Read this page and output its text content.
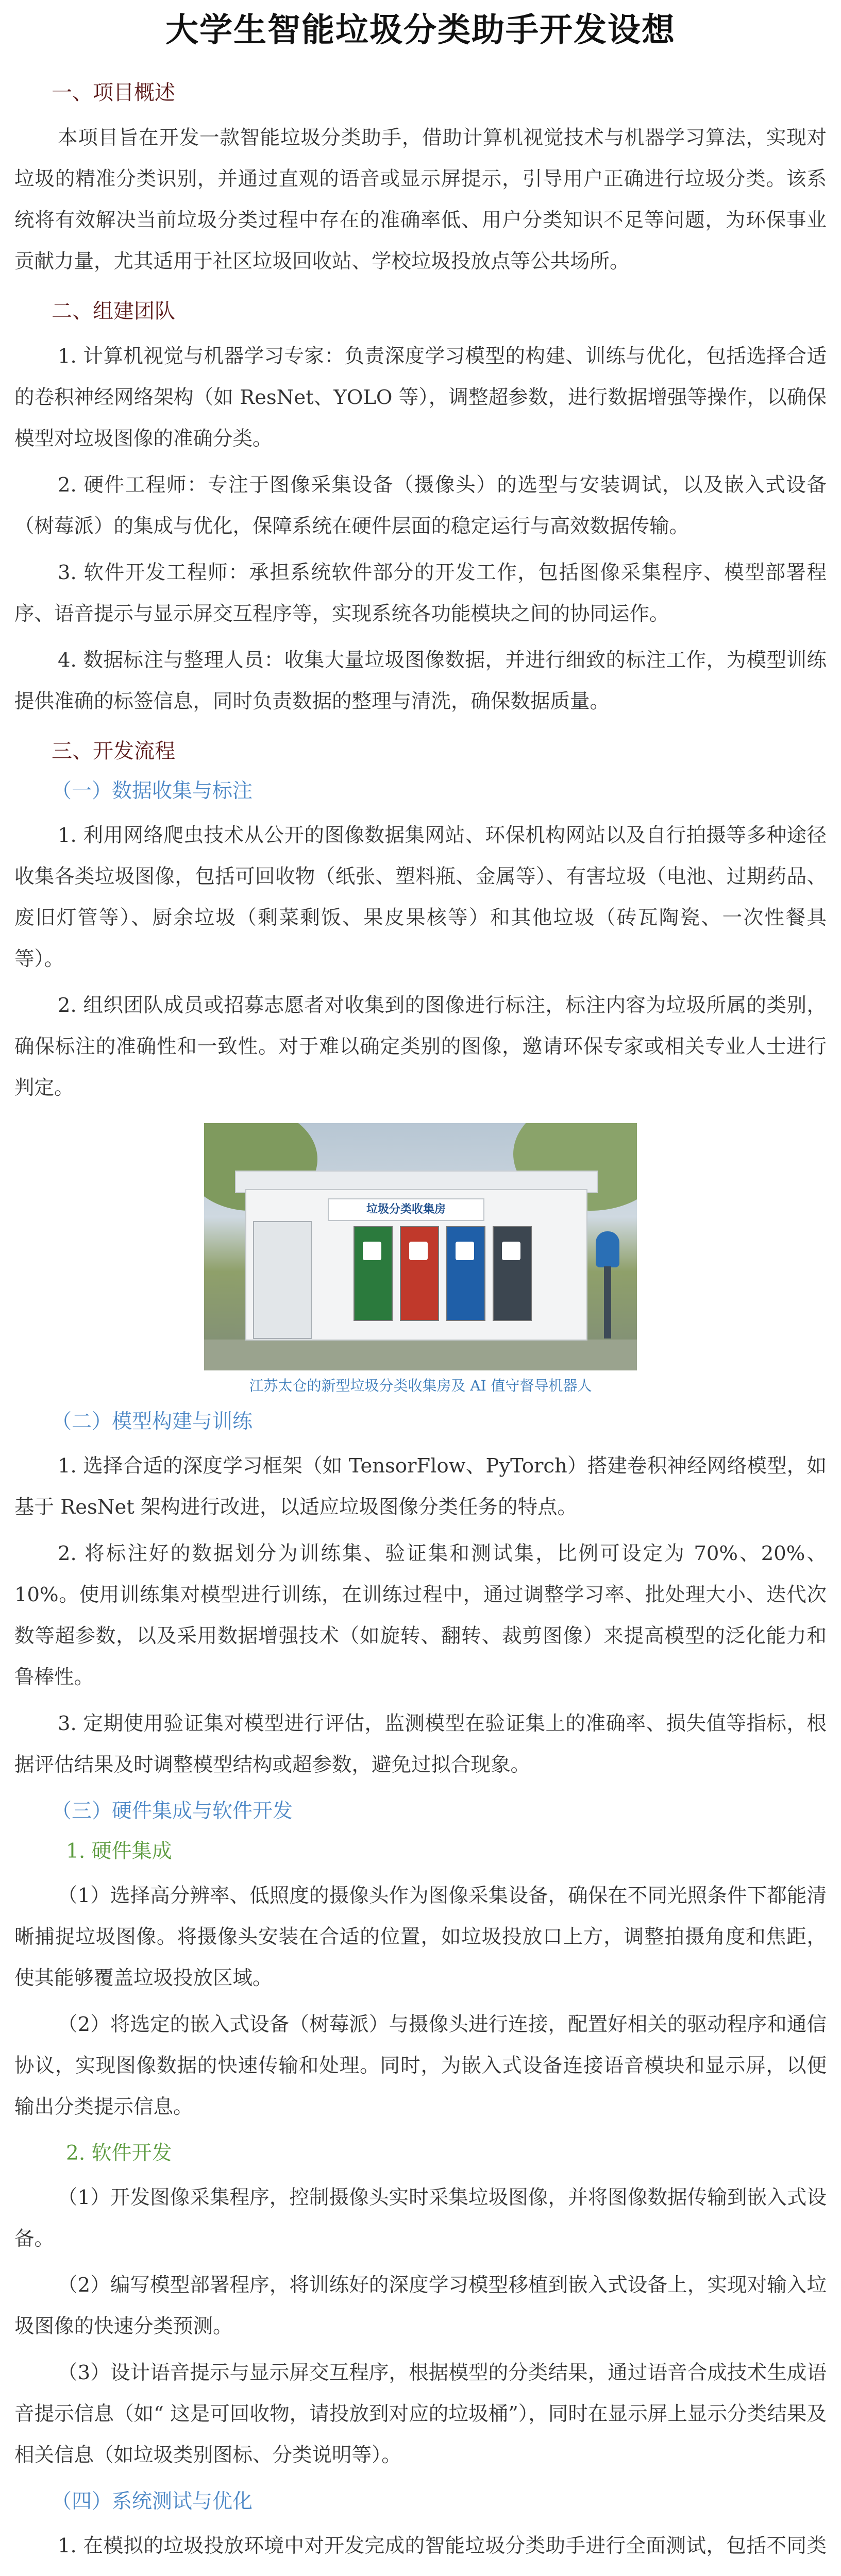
大学生智能垃圾分类助手开发设想
一、项目概述

本项目旨在开发一款智能垃圾分类助手，借助计算机视觉技术与机器学习算法，实现对垃圾的精准分类识别，并通过直观的语音或显示屏提示，引导用户正确进行垃圾分类。该系统将有效解决当前垃圾分类过程中存在的准确率低、用户分类知识不足等问题，为环保事业贡献力量，尤其适用于社区垃圾回收站、学校垃圾投放点等公共场所。

二、组建团队

1. 计算机视觉与机器学习专家：负责深度学习模型的构建、训练与优化，包括选择合适的卷积神经网络架构（如 ResNet、YOLO 等），调整超参数，进行数据增强等操作，以确保模型对垃圾图像的准确分类。

2. 硬件工程师：专注于图像采集设备（摄像头）的选型与安装调试，以及嵌入式设备（树莓派）的集成与优化，保障系统在硬件层面的稳定运行与高效数据传输。

3. 软件开发工程师：承担系统软件部分的开发工作，包括图像采集程序、模型部署程序、语音提示与显示屏交互程序等，实现系统各功能模块之间的协同运作。

4. 数据标注与整理人员：收集大量垃圾图像数据，并进行细致的标注工作，为模型训练提供准确的标签信息，同时负责数据的整理与清洗，确保数据质量。

三、开发流程
（一）数据收集与标注

1. 利用网络爬虫技术从公开的图像数据集网站、环保机构网站以及自行拍摄等多种途径收集各类垃圾图像，包括可回收物（纸张、塑料瓶、金属等）、有害垃圾（电池、过期药品、废旧灯管等）、厨余垃圾（剩菜剩饭、果皮果核等）和其他垃圾（砖瓦陶瓷、一次性餐具等）。

2. 组织团队成员或招募志愿者对收集到的图像进行标注，标注内容为垃圾所属的类别，确保标注的准确性和一致性。对于难以确定类别的图像，邀请环保专家或相关专业人士进行判定。

垃圾分类收集房
江苏太仓的新型垃圾分类收集房及 AI 值守督导机器人
（二）模型构建与训练

1. 选择合适的深度学习框架（如 TensorFlow、PyTorch）搭建卷积神经网络模型，如基于 ResNet 架构进行改进，以适应垃圾图像分类任务的特点。

2. 将标注好的数据划分为训练集、验证集和测试集，比例可设定为 70%、20%、10%。使用训练集对模型进行训练，在训练过程中，通过调整学习率、批处理大小、迭代次数等超参数，以及采用数据增强技术（如旋转、翻转、裁剪图像）来提高模型的泛化能力和鲁棒性。

3. 定期使用验证集对模型进行评估，监测模型在验证集上的准确率、损失值等指标，根据评估结果及时调整模型结构或超参数，避免过拟合现象。

（三）硬件集成与软件开发
1. 硬件集成

（1）选择高分辨率、低照度的摄像头作为图像采集设备，确保在不同光照条件下都能清晰捕捉垃圾图像。将摄像头安装在合适的位置，如垃圾投放口上方，调整拍摄角度和焦距，使其能够覆盖垃圾投放区域。

（2）将选定的嵌入式设备（树莓派）与摄像头进行连接，配置好相关的驱动程序和通信协议，实现图像数据的快速传输和处理。同时，为嵌入式设备连接语音模块和显示屏，以便输出分类提示信息。

2. 软件开发

（1）开发图像采集程序，控制摄像头实时采集垃圾图像，并将图像数据传输到嵌入式设备。

（2）编写模型部署程序，将训练好的深度学习模型移植到嵌入式设备上，实现对输入垃圾图像的快速分类预测。

（3）设计语音提示与显示屏交互程序，根据模型的分类结果，通过语音合成技术生成语音提示信息（如“ 这是可回收物，请投放到对应的垃圾桶”），同时在显示屏上显示分类结果及相关信息（如垃圾类别图标、分类说明等）。

（四）系统测试与优化

1. 在模拟的垃圾投放环境中对开发完成的智能垃圾分类助手进行全面测试，包括不同类
